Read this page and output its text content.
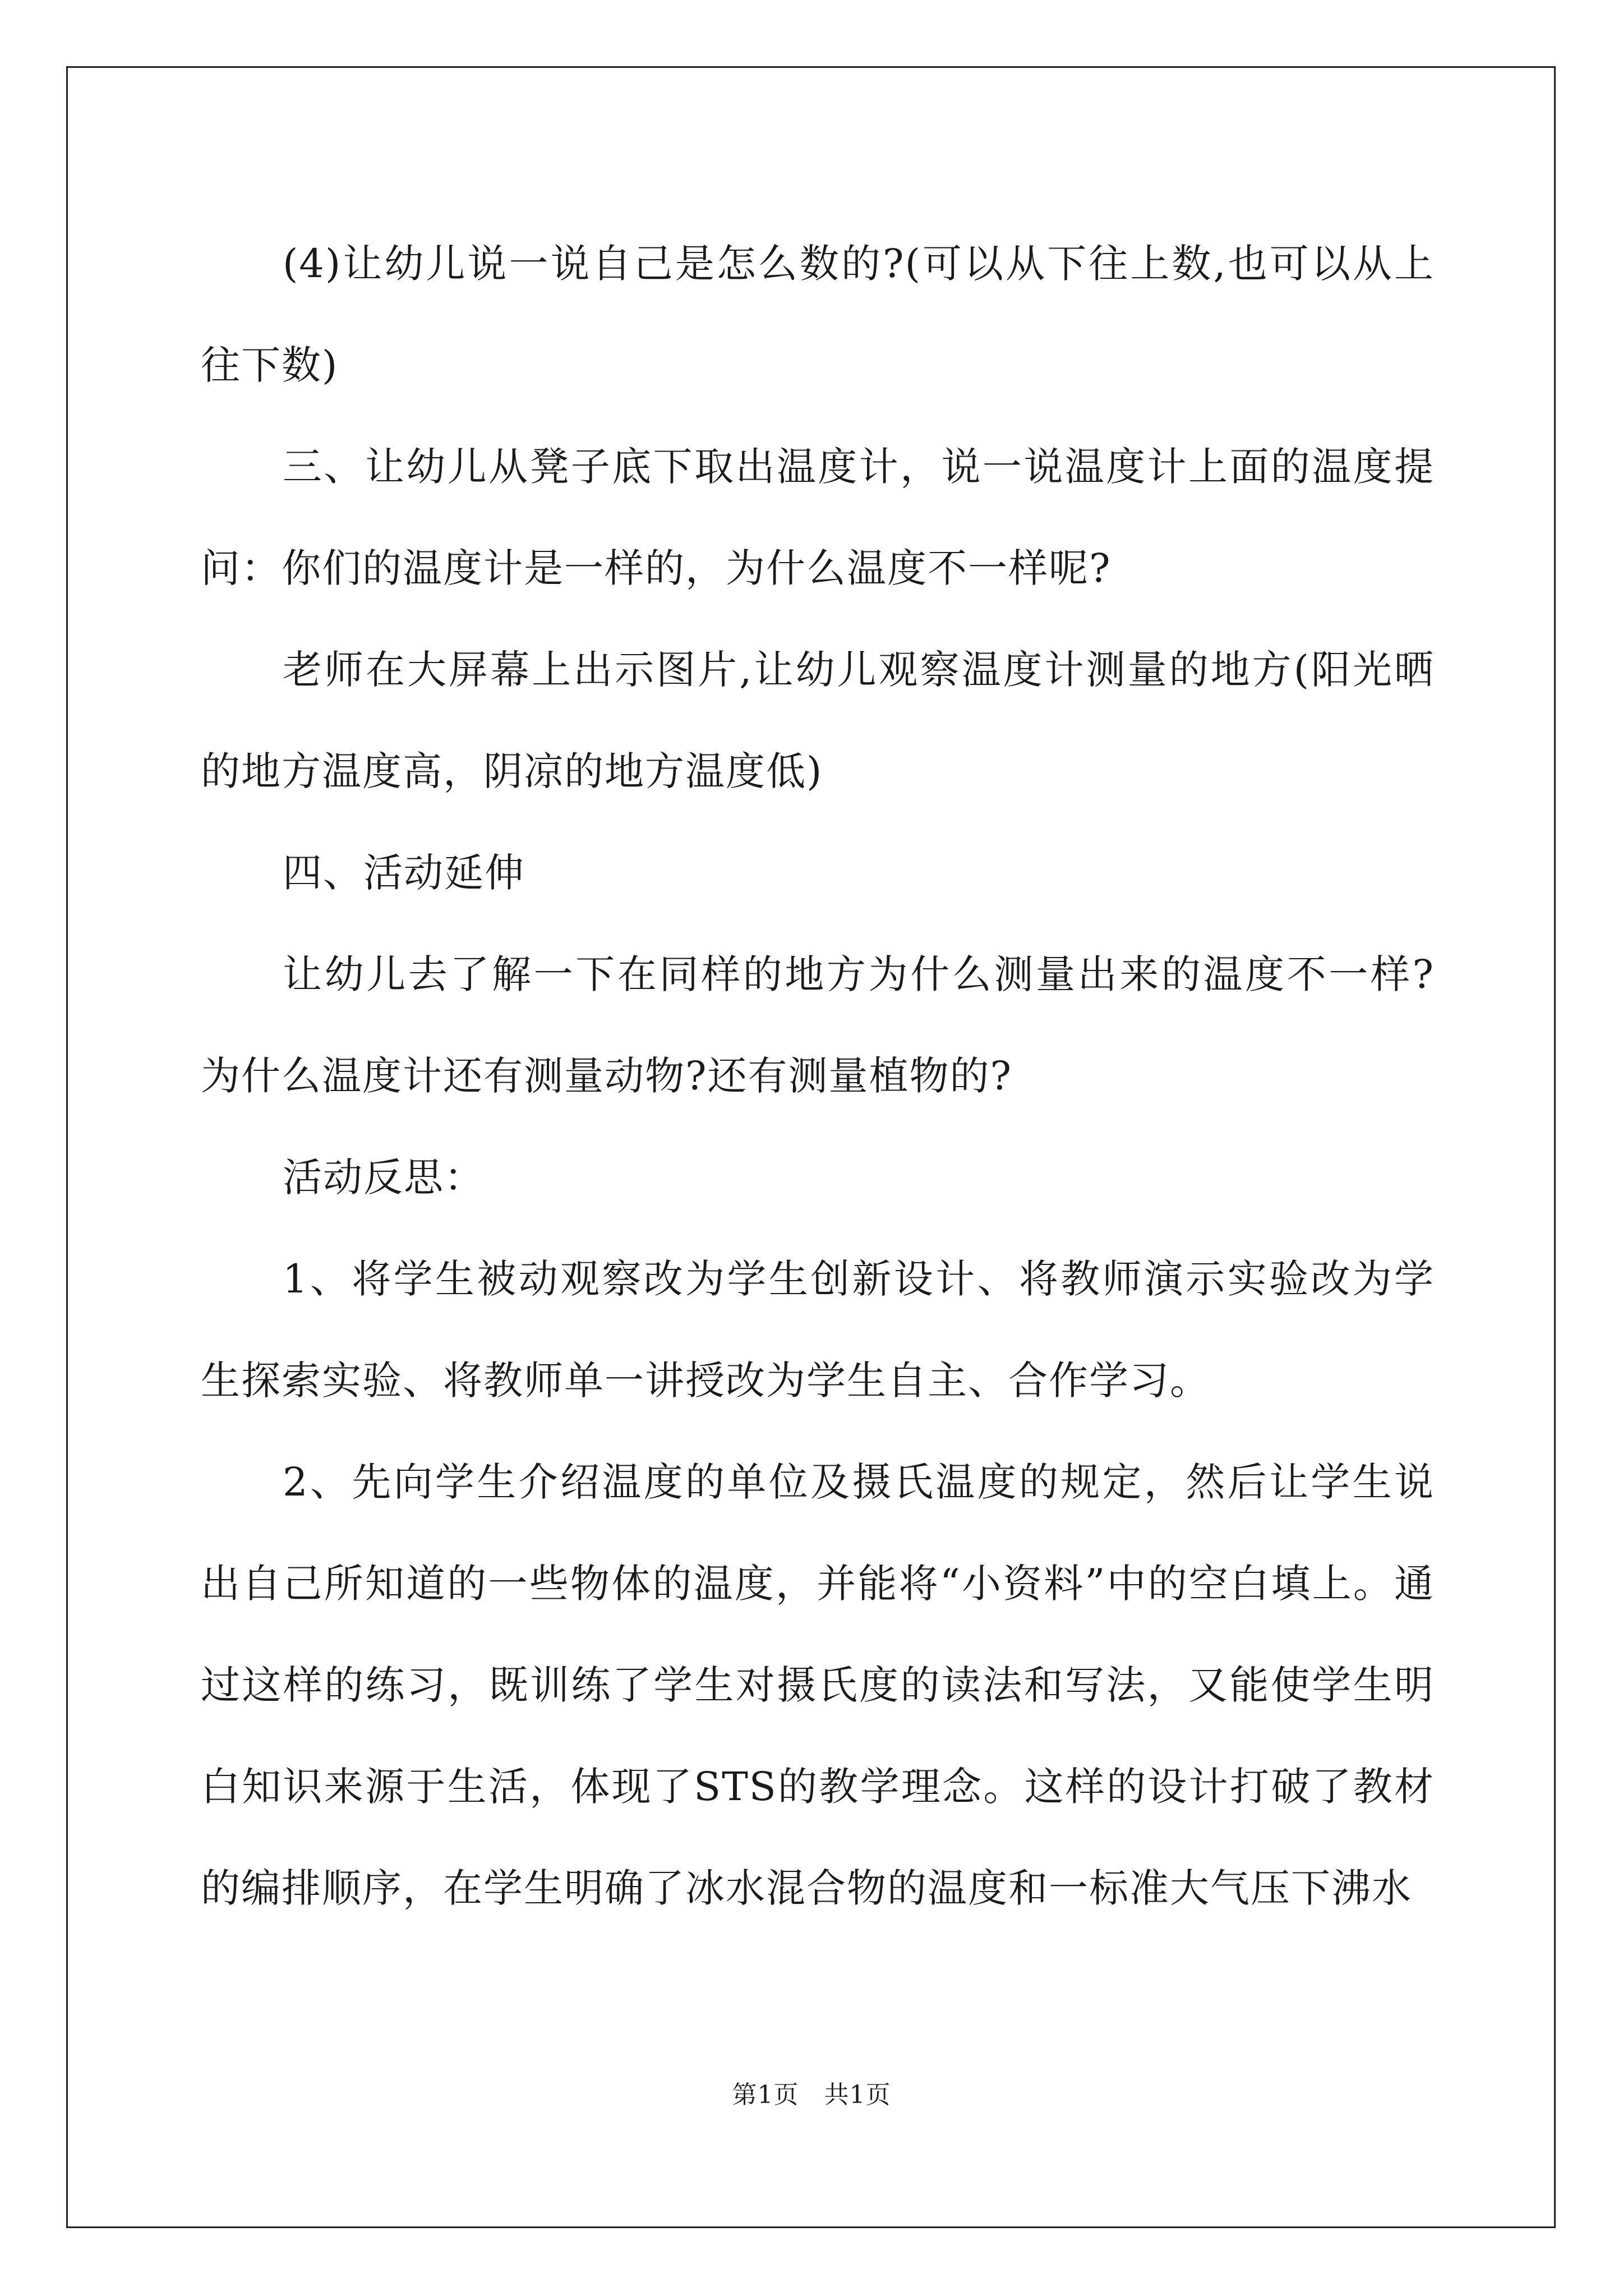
(4)让幼儿说一说自己是怎么数的?(可以从下往上数,也可以从上往下数)

三、让幼儿从凳子底下取出温度计，说一说温度计上面的温度提问：你们的温度计是一样的，为什么温度不一样呢?

老师在大屏幕上出示图片,让幼儿观察温度计测量的地方(阳光晒的地方温度高，阴凉的地方温度低)

四、活动延伸

让幼儿去了解一下在同样的地方为什么测量出来的温度不一样?为什么温度计还有测量动物?还有测量植物的?

活动反思：

1、将学生被动观察改为学生创新设计、将教师演示实验改为学生探索实验、将教师单一讲授改为学生自主、合作学习。

2、先向学生介绍温度的单位及摄氏温度的规定，然后让学生说出自己所知道的一些物体的温度，并能将“小资料”中的空白填上。通过这样的练习，既训练了学生对摄氏度的读法和写法，又能使学生明白知识来源于生活，体现了STS的教学理念。这样的设计打破了教材的编排顺序，在学生明确了冰水混合物的温度和一标准大气压下沸水

第1页   共1页
